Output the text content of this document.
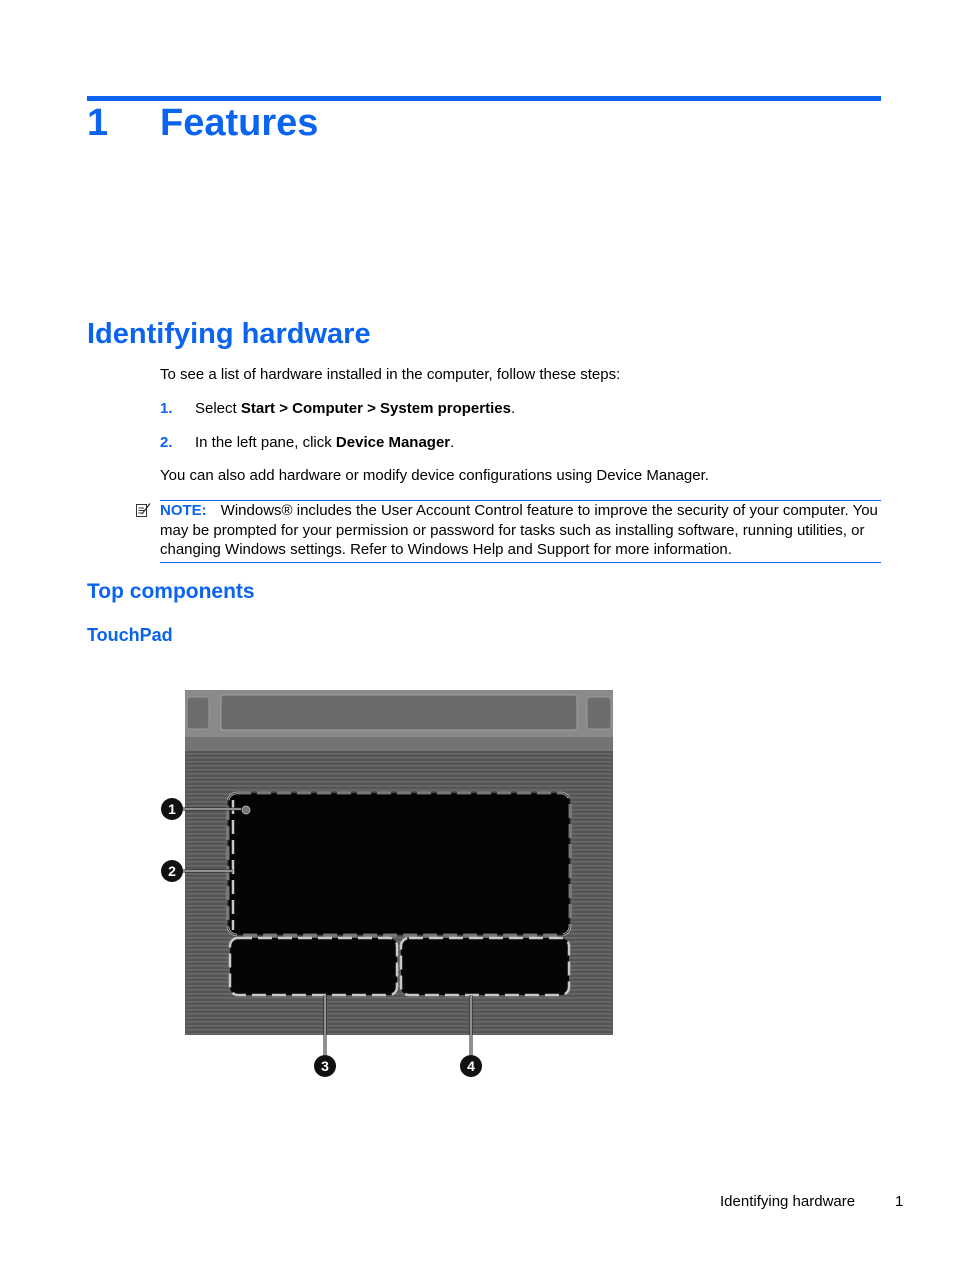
1 Features
Identifying hardware
To see a list of hardware installed in the computer, follow these steps:
1. Select Start > Computer > System properties.
2. In the left pane, click Device Manager.
You can also add hardware or modify device configurations using Device Manager.
NOTE: Windows® includes the User Account Control feature to improve the security of your computer. You may be prompted for your permission or password for tasks such as installing software, running utilities, or changing Windows settings. Refer to Windows Help and Support for more information.
Top components
TouchPad
1
2
3	4
Identifying hardware	1
